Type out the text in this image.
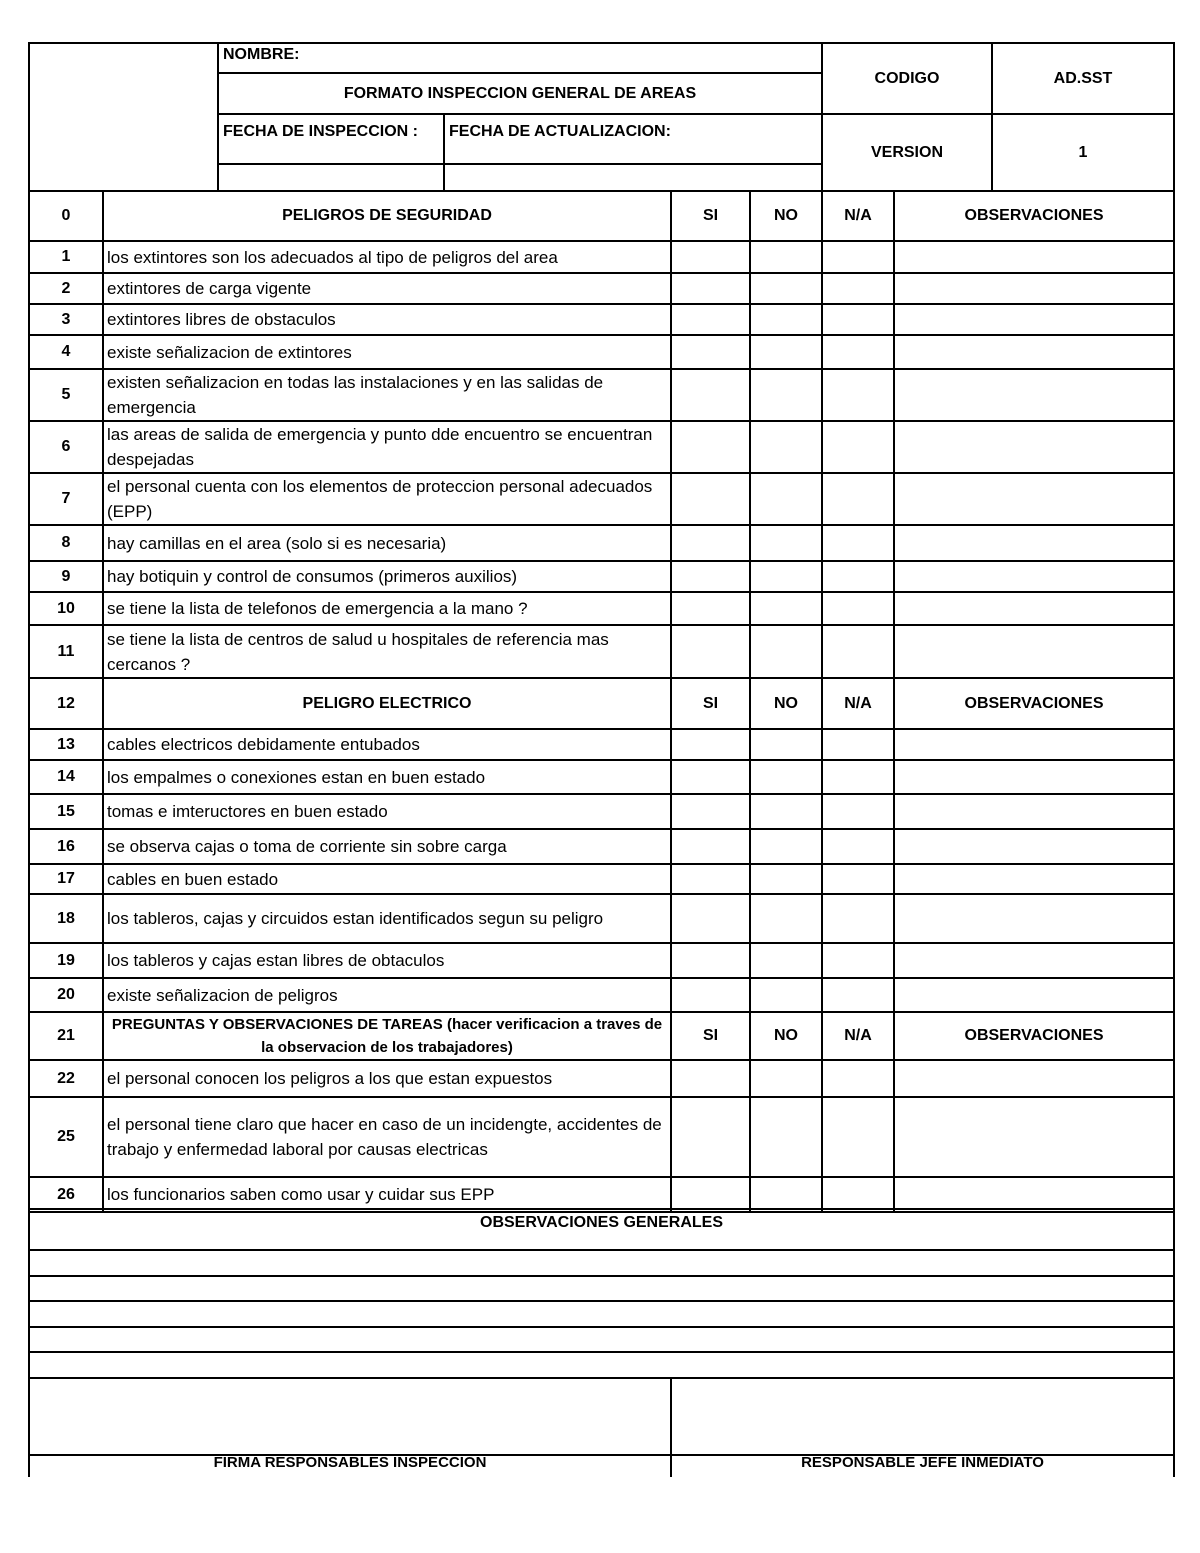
	NOMBRE:		CODIGO	AD.SST
	FORMATO INSPECCION GENERAL DE AREAS			
	FECHA DE INSPECCION :	FECHA DE ACTUALIZACION:	VERSION	1

0	PELIGROS DE SEGURIDAD	SI	NO	N/A	OBSERVACIONES
1	los extintores son los adecuados al tipo de peligros del area				
2	extintores de carga vigente				
3	extintores libres de obstaculos				
4	existe señalizacion de extintores				
5	existen señalizacion en todas las instalaciones y en las salidas de emergencia				
6	las areas de salida de emergencia y punto dde encuentro se encuentran despejadas				
7	el personal cuenta con los elementos de proteccion personal adecuados (EPP)				
8	hay camillas en el area (solo si es necesaria)				
9	hay botiquin y control de consumos (primeros auxilios)				
10	se tiene la lista de telefonos de emergencia a la mano ?				
11	se tiene la lista de centros de salud u hospitales de referencia mas cercanos ?				
12	PELIGRO ELECTRICO	SI	NO	N/A	OBSERVACIONES
13	cables electricos debidamente entubados				
14	los empalmes o conexiones estan en buen estado				
15	tomas e imteructores en buen estado				
16	se observa cajas o toma de corriente sin sobre carga				
17	cables en buen estado				
18	los tableros, cajas y circuidos estan identificados segun su peligro				
19	los tableros y cajas estan libres de obtaculos				
20	existe señalizacion de peligros				
21	PREGUNTAS Y OBSERVACIONES DE TAREAS (hacer verificacion a traves de la observacion de los trabajadores)	SI	NO	N/A	OBSERVACIONES
22	el personal conocen los peligros a los que estan expuestos				
25	el personal tiene claro que hacer en caso de un incidengte, accidentes de trabajo y enfermedad laboral por causas electricas				
26	los funcionarios saben como usar y cuidar sus EPP				
OBSERVACIONES GENERALES	

FIRMA RESPONSABLES INSPECCION	RESPONSABLE JEFE INMEDIATO
